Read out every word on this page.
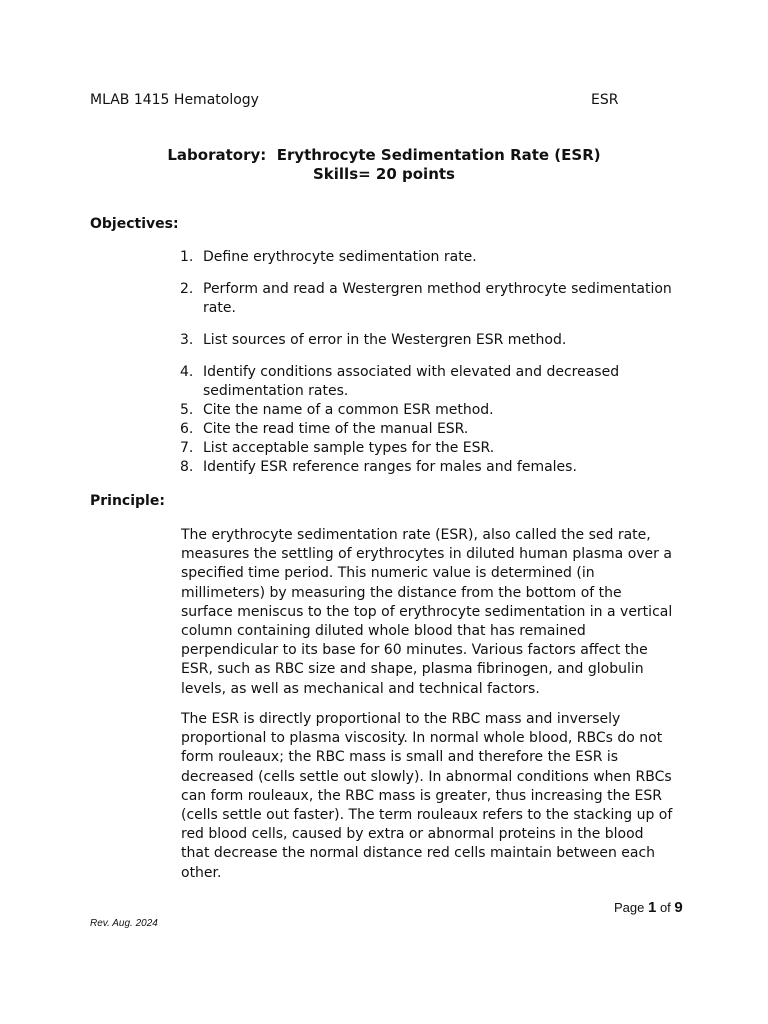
MLAB 1415 Hematology	ESR
Laboratory:  Erythrocyte Sedimentation Rate (ESR)
Skills= 20 points
Objectives:
1. Define erythrocyte sedimentation rate.
2. Perform and read a Westergren method erythrocyte sedimentation rate.
3. List sources of error in the Westergren ESR method.
4. Identify conditions associated with elevated and decreased sedimentation rates.
5. Cite the name of a common ESR method.
6. Cite the read time of the manual ESR.
7. List acceptable sample types for the ESR.
8. Identify ESR reference ranges for males and females.
Principle:

The erythrocyte sedimentation rate (ESR), also called the sed rate, measures the settling of erythrocytes in diluted human plasma over a specified time period. This numeric value is determined (in millimeters) by measuring the distance from the bottom of the surface meniscus to the top of erythrocyte sedimentation in a vertical column containing diluted whole blood that has remained perpendicular to its base for 60 minutes. Various factors affect the ESR, such as RBC size and shape, plasma fibrinogen, and globulin levels, as well as mechanical and technical factors.

The ESR is directly proportional to the RBC mass and inversely proportional to plasma viscosity. In normal whole blood, RBCs do not form rouleaux; the RBC mass is small and therefore the ESR is decreased (cells settle out slowly). In abnormal conditions when RBCs can form rouleaux, the RBC mass is greater, thus increasing the ESR (cells settle out faster). The term rouleaux refers to the stacking up of red blood cells, caused by extra or abnormal proteins in the blood that decrease the normal distance red cells maintain between each other.

Page 1 of 9
Rev. Aug. 2024
